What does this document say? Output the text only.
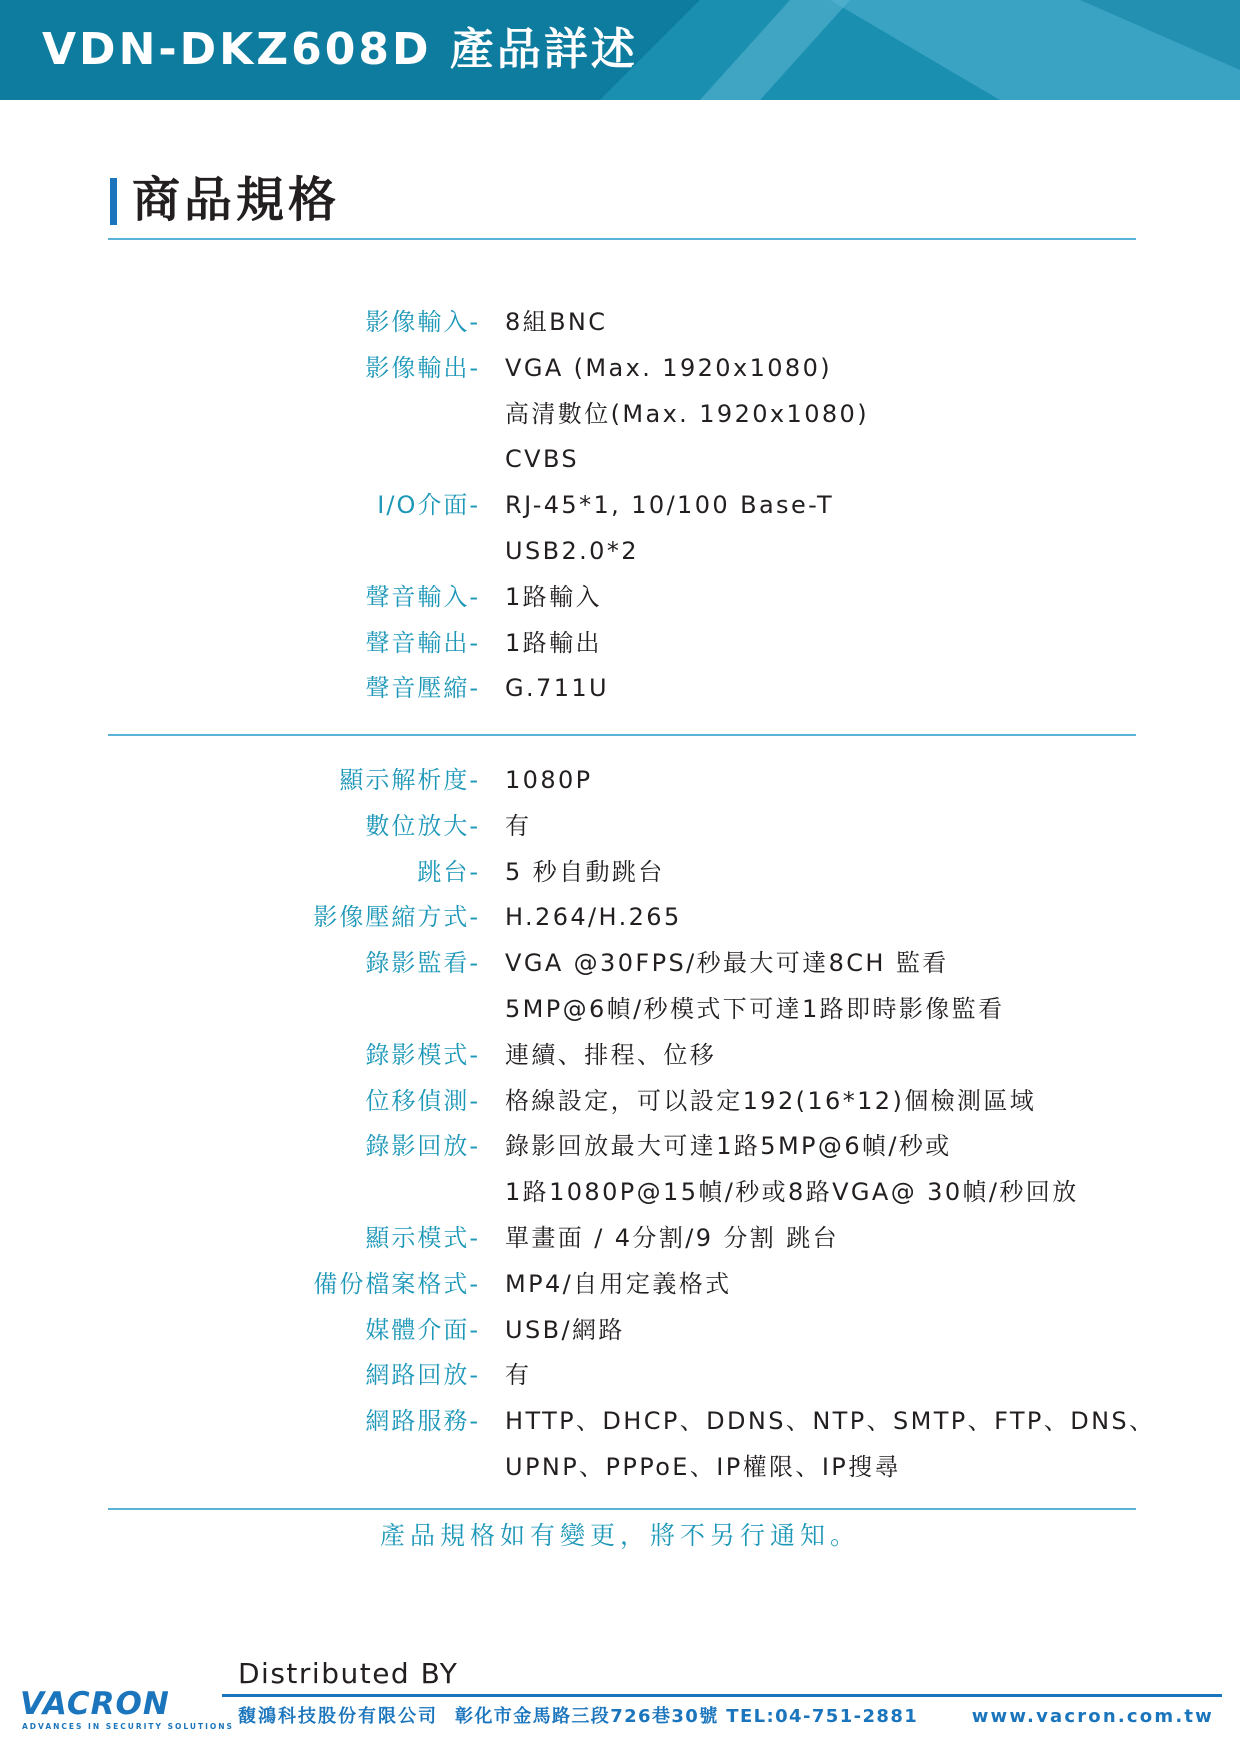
VDN-DKZ608D 產品詳述
商品規格
影像輸入- 8組BNC
影像輸出- VGA (Max. 1920x1080)
高清數位(Max. 1920x1080)
CVBS
I/O介面- RJ-45*1, 10/100 Base-T
USB2.0*2
聲音輸入- 1路輸入
聲音輸出- 1路輸出
聲音壓縮- G.711U
顯示解析度- 1080P
數位放大- 有
跳台- 5 秒自動跳台
影像壓縮方式- H.264/H.265
錄影監看- VGA @30FPS/秒最大可達8CH 監看
5MP@6幀/秒模式下可達1路即時影像監看
錄影模式- 連續、排程、位移
位移偵測- 格線設定，可以設定192(16*12)個檢測區域
錄影回放- 錄影回放最大可達1路5MP@6幀/秒或
1路1080P@15幀/秒或8路VGA@ 30幀/秒回放
顯示模式- 單畫面 / 4分割/9 分割 跳台
備份檔案格式- MP4/自用定義格式
媒體介面- USB/網路
網路回放- 有
網路服務- HTTP、DHCP、DDNS、NTP、SMTP、FTP、DNS、
UPNP、PPPoE、IP權限、IP搜尋
產品規格如有變更，將不另行通知。
Distributed BY
VACRON
ADVANCES IN SECURITY SOLUTIONS 馥鴻科技股份有限公司 彰化市金馬路三段726巷30號 TEL:04-751-2881	www.vacron.com.tw
